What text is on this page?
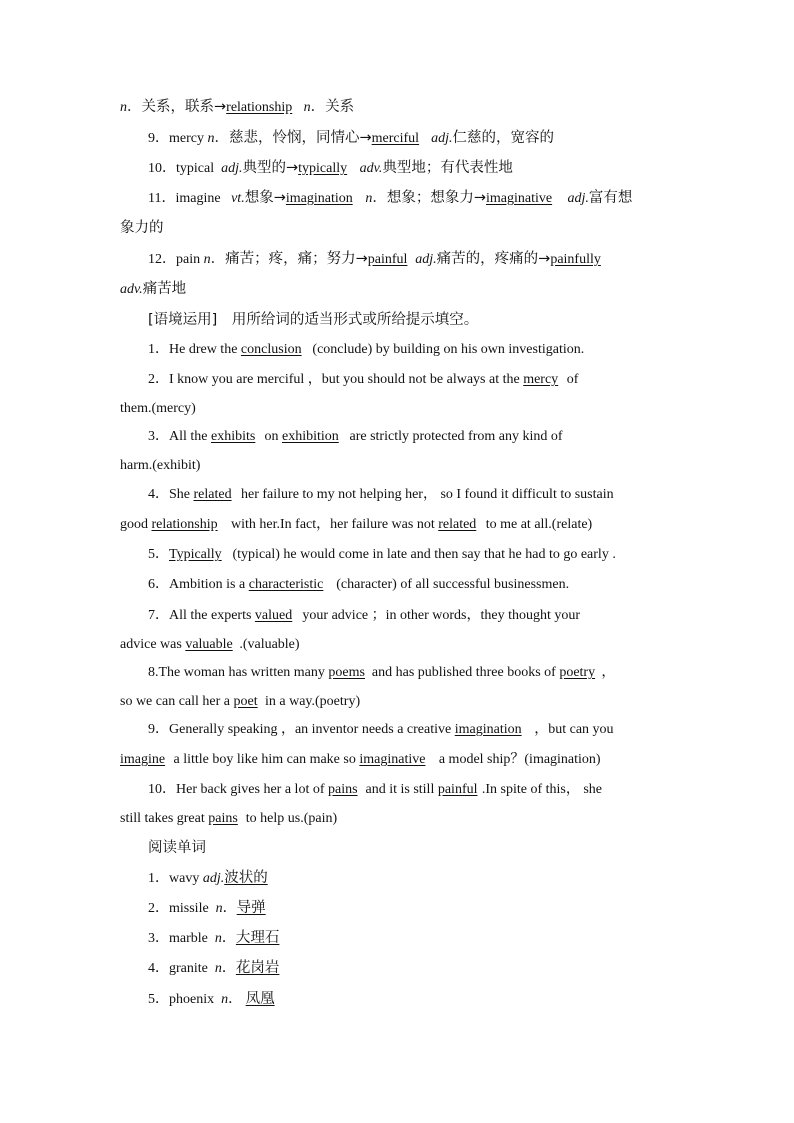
n．关系，联系→relationship n．关系
9．mercy n．慈悲，怜悯，同情心→merciful adj.仁慈的，宽容的
10．typical adj.典型的→typically adv.典型地；有代表性地
11．imagine vt.想象→imagination n．想象；想象力→imaginative adj.富有想
象力的
12．pain n．痛苦；疼，痛；努力→painful adj.痛苦的，疼痛的→painfully
adv.痛苦地
[语境运用]　用所给词的适当形式或所给提示填空。
1．He drew the conclusion (conclude) by building on his own investigation.
2．I know you are merciful ，but you should not be always at the mercy of
them.(mercy)
3．All the exhibits on exhibition are strictly protected from any kind of
harm.(exhibit)
4．She related her failure to my not helping her， so I found it difficult to sustain
good relationship with her.In fact，her failure was not related to me at all.(relate)
5．Typically (typical) he would come in late and then say that he had to go early .
6．Ambition is a characteristic (character) of all successful businessmen.
7．All the experts valued your advice ；in other words，they thought your
advice was valuable .(valuable)
8.The woman has written many poems and has published three books of poetry ，
so we can call her a poet in a way.(poetry)
9．Generally speaking ，an inventor needs a creative imagination ，but can you
imagine a little boy like him can make so imaginative a model ship？(imagination)
10．Her back gives her a lot of pains and it is still painful .In spite of this， she
still takes great pains to help us.(pain)
阅读单词
1．wavy adj.波状的
2．missile n．导弹
3．marble n．大理石
4．granite n．花岗岩
5．phoenix n． 凤凰
